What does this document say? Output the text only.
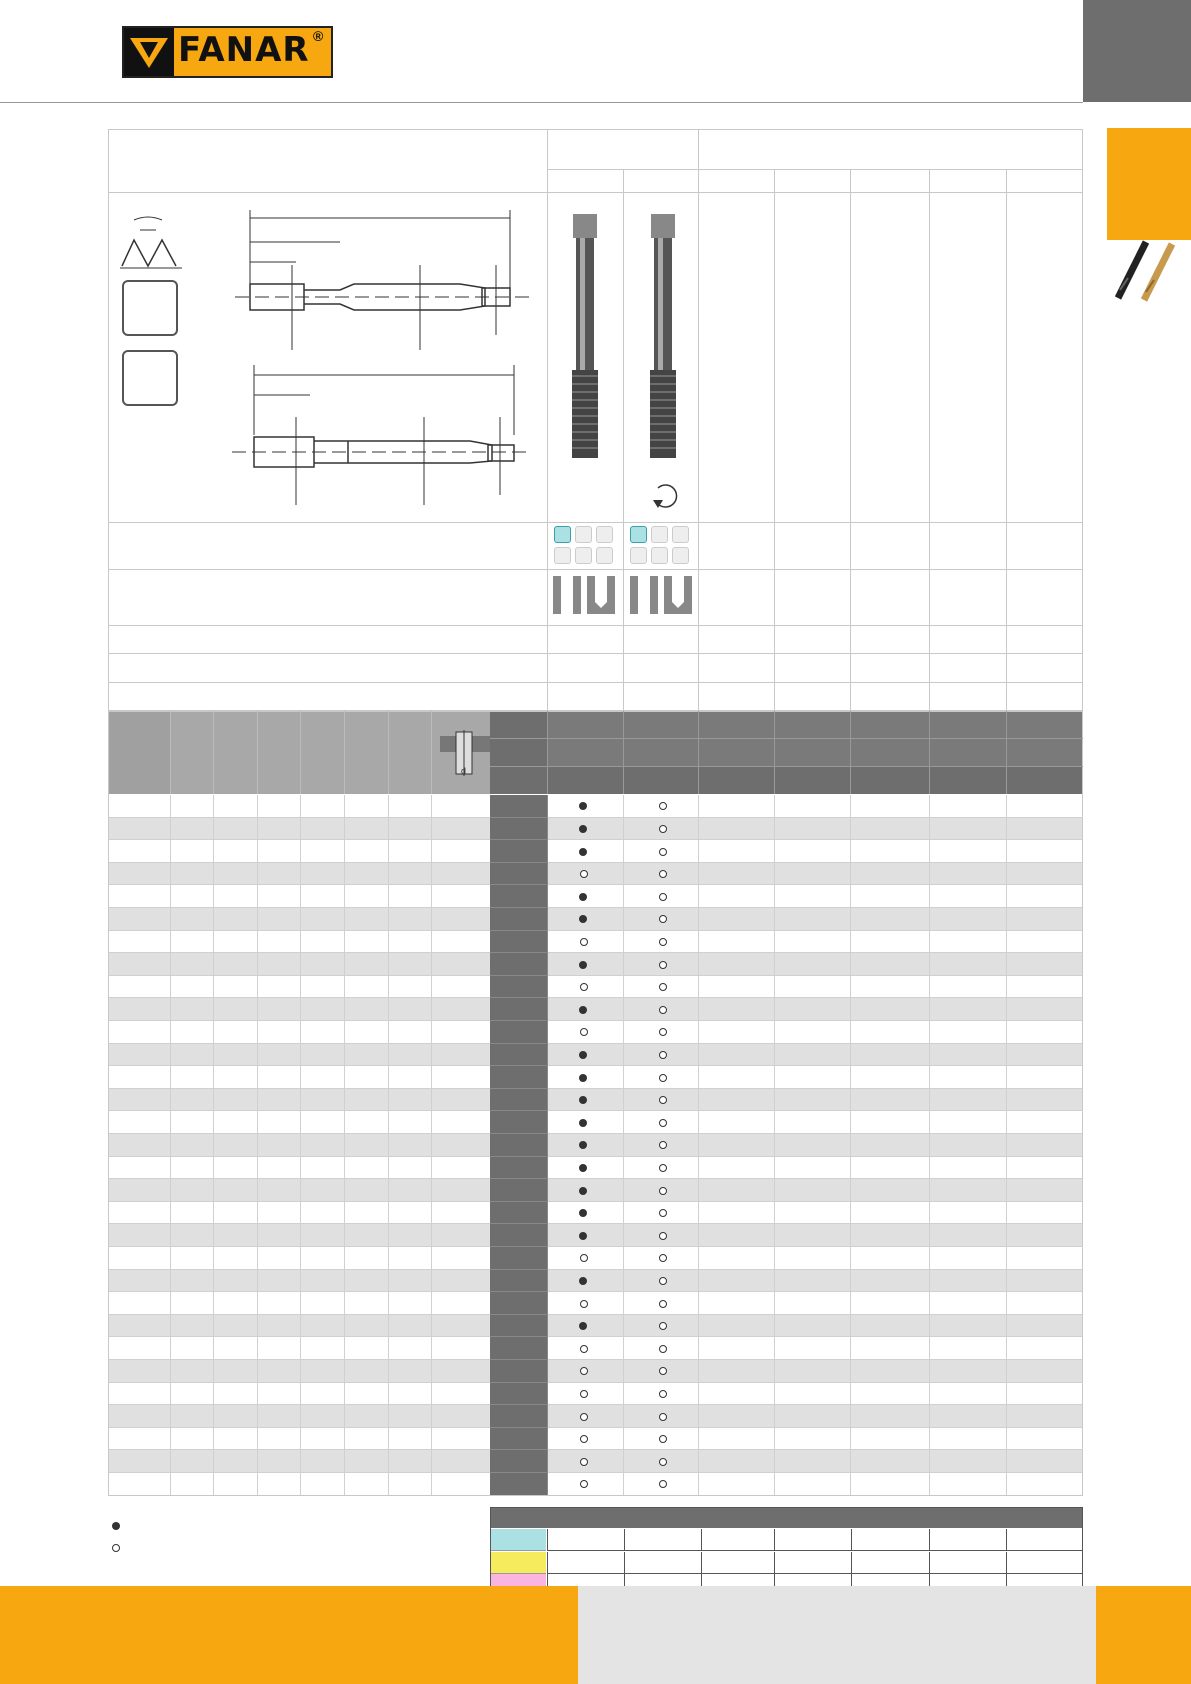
FANAR ®
d
